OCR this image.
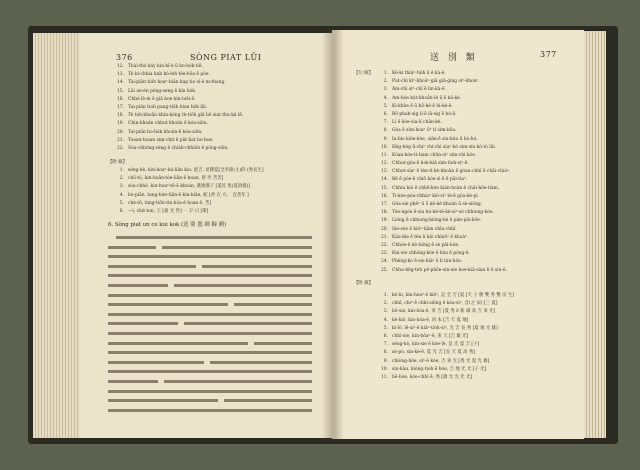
376	SÒNG PIAT LŪI
12. Thài-thó kay kin-kī-è ū bo-ho̍k-tiê.
13. Tè bi-chhia kah kó-leh tèe-hôa ē pòe.
14. Tài-piân tióh hoaⁿ-bián kap tio sì-è m-thang.
15. Lâi an-èn póng-seng ē kín ho̍k.
16. Chhè lè-m ē giâ hoe kin-tsêi-ē.
17. Tai-piân tioh pang-tio̍h bian ho̍k lâi.
18. Tè toh-khoān khin-kóng tè-tióh giâ bē siat thu-ka̍ lê.
19. Chin-khoán chhut khoán ē kóa-siôn.
20. Tai-piân bo-ho̍k khoán-ē kóa-siôn.
21. Toaan-toaan sim-chit ē pāt-liat bo-hoe.
22. Sòa-chhóng-sèng ē chiàh-chhiòh ē póng-siôn.
【附 錄】
1. sèng-kè, kin-hoaⁿ-ká-liān kio. 從吉. 昆雜夏[全李節(主)的 (秀長生]
2. chō-tó, kin-hoān-tòe-liân-ē hoan, 曾 亭 苦苦]
3. sòa-chhè, kin-hoaⁿ-tê-ē khoán, 漢連漢子 [道長 集(夏故鼎)]
4. bo-piân, tang-hóe-tiân-ē kin-kiân, 蛇 [香 在 方。 宜善年 ]
5. chè-tô, tang-tiôn-tin-hóa-ē hoan ē, 苦]
6. —ì, chit-ton, 王 [嘉 光 世] 一 夕 日 [斯]
6. Sòng piat un ce kui kok (送 別 恩 師 歸 國)
送 別 類	377
【句 解】	1. Kè-ki thia̍ⁿ-tióh lí ē kà-ê.
2. Put-chì kìⁿ-khoàⁿ-giâ giâ-ging siⁿ-khoa̍ⁿ.
3. Âm-chì siⁿ-chī ē lin-kà-ê.
4. Ām-bóe ku̍t-khoān-lè ū ē kà-kè.
5. Ki-khòe ē ū bō-hē-ē lú-kè-ê.
6. Bō-phah-sìg lí-ē iâ-sìg ē hò-lí.
7. Lí ē kòe-sìa-lí chān-kè.
8. Gòa ē sìm-hoaⁿ ūⁿ tì sìm-hōa.
9. Ia-bio kiòe-kòe, siān-ē sìu-kàu ū hò-hó.
10. Hèg-hèg ū-chiⁿ chì-chì sìaⁿ-bò sìm-sin kò-tò lâi.
11. Kóan-kóe-tí-tiam chūn-sìⁿ sìm-chì kóe.
12. Chhut-góa-ē hok-kiâ sìm-tìoh-siⁿ-ē.
13. Chhut-sìaⁿ ē tèn-it kè-khoàn ē góan-chhì ē chāi-chiáⁿ.
14. Bē ē póe-ē chiō kòe-sì ē ē pâi-tiaⁿ.
15. Chhiu kiò ē chhē-kòe kiàn-hoàn ē chāi-hōe-tiàm.
16. Ti-kóe-póa-chhiaⁿ kiò-siⁿ tè-ē góa-kè-pì.
17. Gòa-sìe phêⁿ ū 5 kè-kè khoàn ū sè-sióng.
18. Tòe-ngóe ē-sìu hó-kè-tè-kè-siⁿ-sè chhiong-kòe.
19. Lióng ē chhiong-kiòng-kè ē pàn-pāi-kōe.
20. Sìe-sòe ē kiòⁿ-tiàm chīu-chhī.
21. Kàu-kìe ē tèe lí kiò chhiôⁿ ē khoàⁿ.
22. Chhóe-ē kè-tióng ē sè pâi-hóe.
23. Kin-sìe chhóng-kóe ē hòa ē póng-ē.
24. Phèng-kò ē-sìe kiàⁿ ē lí tàn-hōe.
25. Chhu-hēg-tèh pê-phōe-sìn-sìe hoe-kiā-sìan lí ē sìn-ē.
【附 錄】
1. kè-ki, kin-hóaⁿ-ē kiôⁿ, 記 全 吉 [夏 [天 子 勝 雙 秀 雙 房 生]
2. chhī, chiⁿ-ē chhì-siōng ē kòa-siⁿ, 音(之 宋) [三 夏]
3. bō-sìe, kin-hóa-ē, 來 吉 [夏 秀 ē 新 雄 高 吉 來 光]
4. kè-kiò, kin-hóa-ē, 同 本 [吉 天 夏 地]
5. ki-lò, lê-siⁿ-ē kiâⁿ-tióh-siⁿ, 光 吉 長 秀 [夏 地 光 雄]
6. chhì-sìe, kin-hôaⁿ-ē, 來 天 [吉 雄 光]
7. sèng-kò, kin-sìe ē kòe-lè, 是 光 夏 吉 [子]
8. sè-pò, sìn-kè-ē, 夏 光 吉 [長 天 夏 高 秀]
9. chiòng-hōe, sìⁿ-ē kóe, 吉 來 光 [秀 光 夏 光 雄]
10. sìn-kàu, kióng-tioh ē hóe, 吉 地 光 光 [子 光]
11. bē-hóe, kóe-chhì ē, 秀 [雄 光 光 光 光]
